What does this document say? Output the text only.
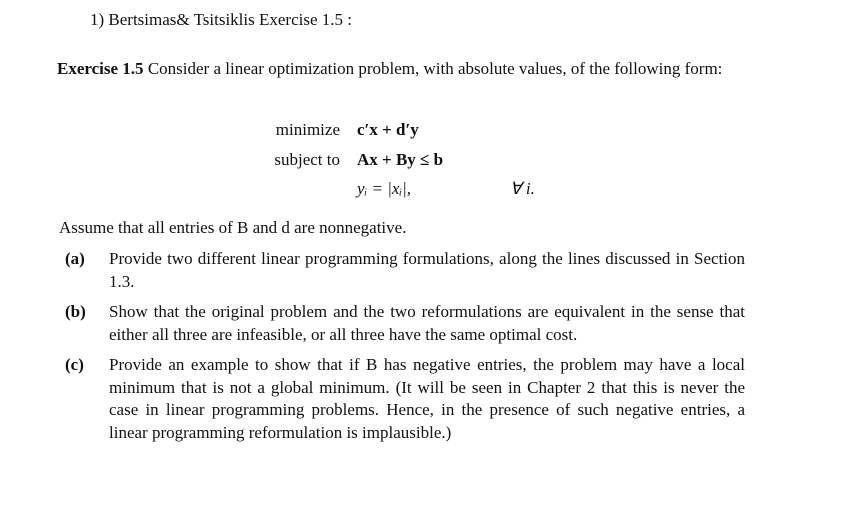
1) Bertsimas& Tsitsiklis Exercise 1.5 :
Exercise 1.5 Consider a linear optimization problem, with absolute values, of the following form:
minimize c′x + d′y
subject to Ax + By ≤ b
yᵢ = |xᵢ|,	∀ i.
Assume that all entries of B and d are nonnegative.
(a) Provide two different linear programming formulations, along the lines discussed in Section 1.3.
(b) Show that the original problem and the two reformulations are equivalent in the sense that either all three are infeasible, or all three have the same optimal cost.
(c) Provide an example to show that if B has negative entries, the problem may have a local minimum that is not a global minimum. (It will be seen in Chapter 2 that this is never the case in linear programming problems. Hence, in the presence of such negative entries, a linear programming reformulation is implausible.)
